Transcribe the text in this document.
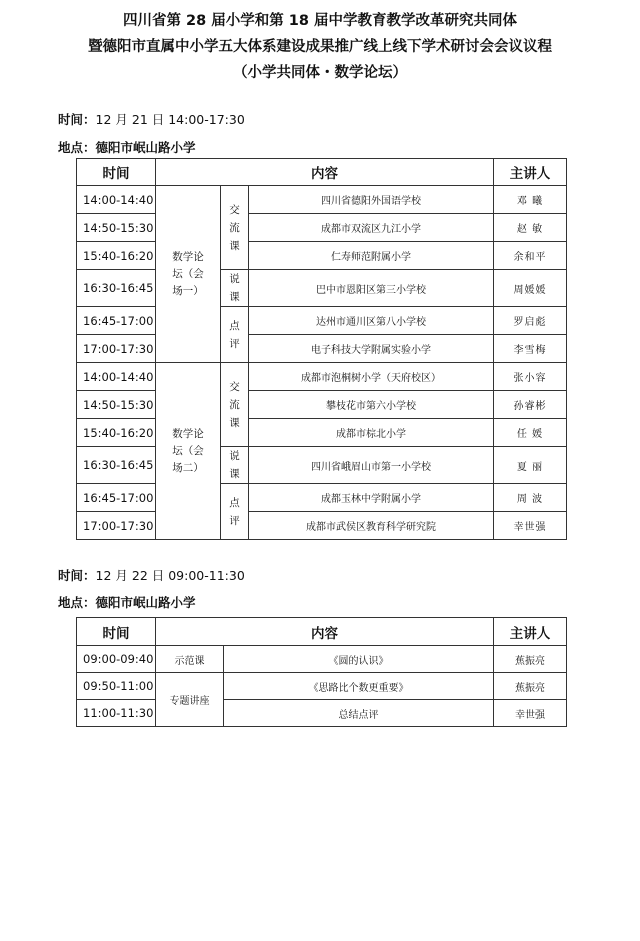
四川省第 28 届小学和第 18 届中学教育教学改革研究共同体
暨德阳市直属中小学五大体系建设成果推广线上线下学术研讨会会议议程
（小学共同体・数学论坛）
时间：12 月 21 日 14:00-17:30
地点：德阳市岷山路小学
时间	内容			主讲人
14:00-14:40	数学论坛（会场一）	交流课	四川省德阳外国语学校	邓 曦
14:50-15:30			成都市双流区九江小学	赵 敏
15:40-16:20			仁寿师范附属小学	余和平
16:30-16:45		说课	巴中市恩阳区第三小学校	周媛媛
16:45-17:00		点评	达州市通川区第八小学校	罗启彪
17:00-17:30			电子科技大学附属实验小学	李雪梅
14:00-14:40	数学论坛（会场二）	交流课	成都市泡桐树小学（天府校区）	张小容
14:50-15:30			攀枝花市第六小学校	孙睿彬
15:40-16:20			成都市棕北小学	任 媛
16:30-16:45		说课	四川省峨眉山市第一小学校	夏 丽
16:45-17:00		点评	成都玉林中学附属小学	周 波
17:00-17:30			成都市武侯区教育科学研究院	幸世强
时间：12 月 22 日 09:00-11:30
地点：德阳市岷山路小学
时间	内容		主讲人
09:00-09:40	示范课	《圆的认识》	蕉振亮
09:50-11:00	专题讲座	《思路比个数更重要》	蕉振亮
11:00-11:30		总结点评	幸世强
